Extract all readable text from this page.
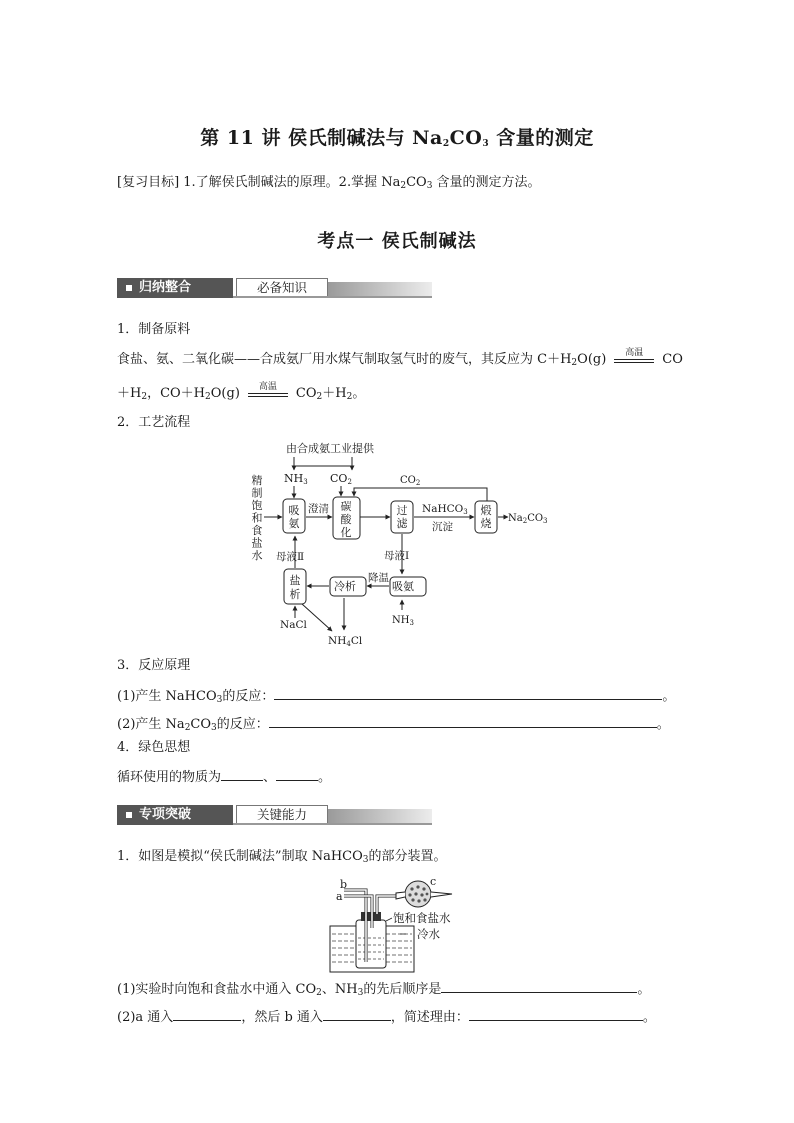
第 11 讲 侯氏制碱法与 $Na_2CO_3$ 含量的测定
[复习目标] 1.了解侯氏制碱法的原理。2.掌握 $Na_2CO_3$ 含量的测定方法。
考点一 侯氏制碱法
归纳整合	必备知识
1．制备原料
食盐、氨、二氧化碳——合成氨厂用水煤气制取氢气时的废气，其反应为 $C+H_2O(g)$	高温	CO
$+H_2$，$CO+H_2O(g)$	高温	$CO_2+H_2$。
2．工艺流程
由合成氨工业提供
NH3 CO2	$CO_2$
澄清	NaHCO3
沉淀
$Na_2CO_3$
母液Ⅱ	母液Ⅰ
降温
$NH_3$
NaCl
NH4Cl
冷析	吸氨
精制饱和食盐水
吸氨
碳酸化
过滤
煅烧
盐析
3．反应原理
(1)产生 NaHCO$_3$的反应：	。
(2)产生 $Na_2CO_3$的反应：	。
4．绿色思想
循环使用的物质为	、	。
专项突破	关键能力
1．如图是模拟“侯氏制碱法”制取 NaHCO$_3$的部分装置。
b
a
c
饱和食盐水
冷水
(1)实验时向饱和食盐水中通入 $CO_2$、$NH_3$的先后顺序是	。
(2)a 通入	，然后 b 通入	，简述理由：	。
